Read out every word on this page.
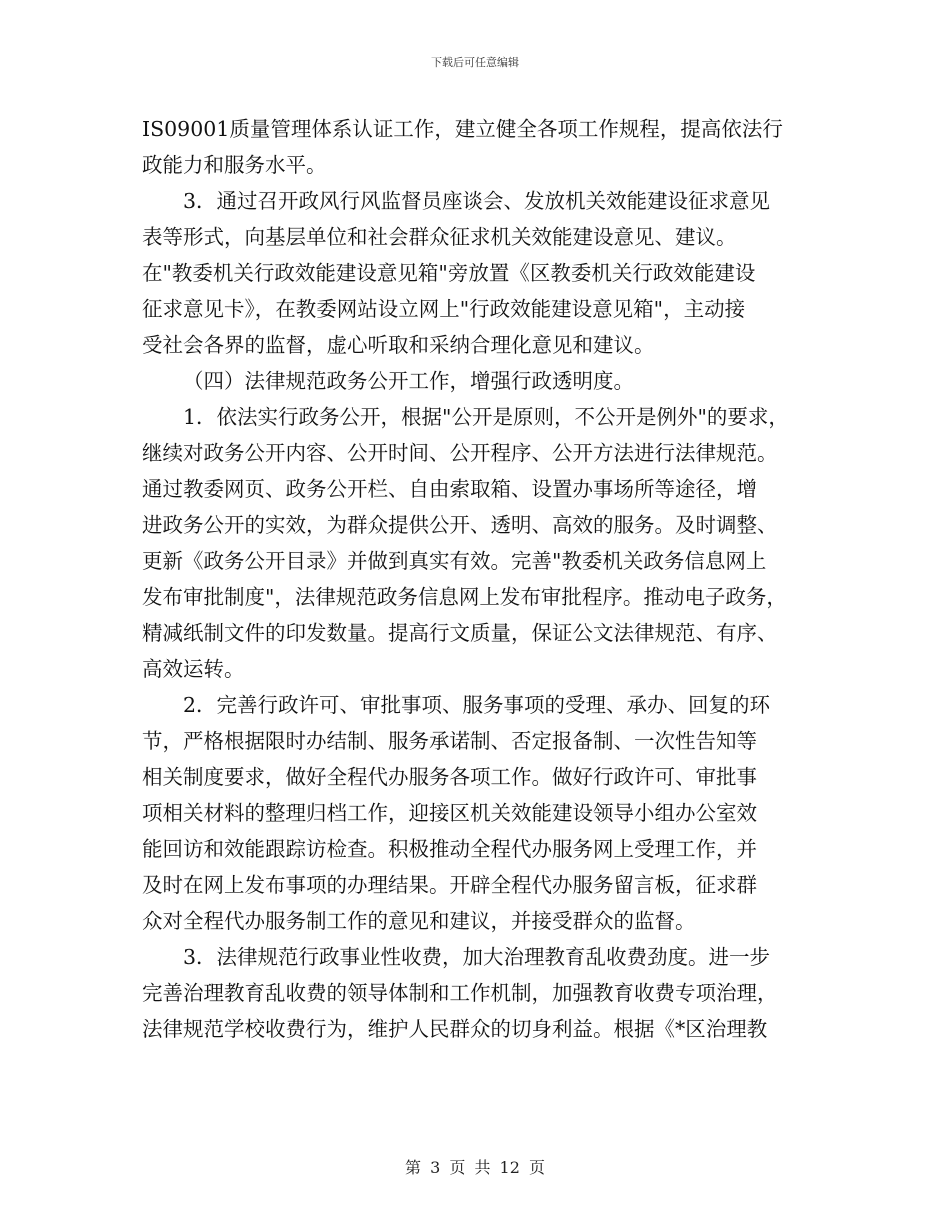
下载后可任意编辑
IS09001质量管理体系认证工作，建立健全各项工作规程，提高依法行
政能力和服务水平。
3．通过召开政风行风监督员座谈会、发放机关效能建设征求意见
表等形式，向基层单位和社会群众征求机关效能建设意见、建议。
在"教委机关行政效能建设意见箱"旁放置《区教委机关行政效能建设
征求意见卡》，在教委网站设立网上"行政效能建设意见箱"，主动接
受社会各界的监督，虚心听取和采纳合理化意见和建议。
（四）法律规范政务公开工作，增强行政透明度。
1．依法实行政务公开，根据"公开是原则，不公开是例外"的要求，
继续对政务公开内容、公开时间、公开程序、公开方法进行法律规范。
通过教委网页、政务公开栏、自由索取箱、设置办事场所等途径，增
进政务公开的实效，为群众提供公开、透明、高效的服务。及时调整、
更新《政务公开目录》并做到真实有效。完善"教委机关政务信息网上
发布审批制度"，法律规范政务信息网上发布审批程序。推动电子政务，
精减纸制文件的印发数量。提高行文质量，保证公文法律规范、有序、
高效运转。
2．完善行政许可、审批事项、服务事项的受理、承办、回复的环
节，严格根据限时办结制、服务承诺制、否定报备制、一次性告知等
相关制度要求，做好全程代办服务各项工作。做好行政许可、审批事
项相关材料的整理归档工作，迎接区机关效能建设领导小组办公室效
能回访和效能跟踪访检查。积极推动全程代办服务网上受理工作，并
及时在网上发布事项的办理结果。开辟全程代办服务留言板，征求群
众对全程代办服务制工作的意见和建议，并接受群众的监督。
3．法律规范行政事业性收费，加大治理教育乱收费劲度。进一步
完善治理教育乱收费的领导体制和工作机制，加强教育收费专项治理，
法律规范学校收费行为，维护人民群众的切身利益。根据《*区治理教
第 3 页 共 12 页
